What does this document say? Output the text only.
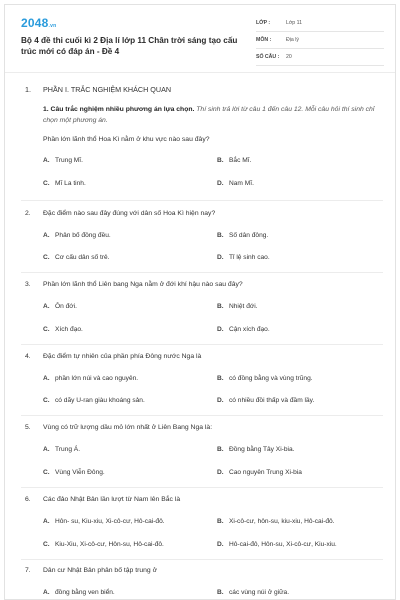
2048.vn
Bộ 4 đề thi cuối kì 2 Địa lí lớp 11 Chân trời sáng tạo cấu trúc mới có đáp án - Đề 4
LỚP :	Lớp 11
MÔN :	Địa lý
SỐ CÂU :	20
1.	PHẦN I. TRẮC NGHIỆM KHÁCH QUAN
1. Câu trắc nghiệm nhiều phương án lựa chọn. Thí sinh trả lời từ câu 1 đến câu 12. Mỗi câu hỏi thí sinh chỉ chọn một phương án.
Phần lớn lãnh thổ Hoa Kì nằm ở khu vực nào sau đây?
A. Trung Mĩ.	B. Bắc Mĩ.
C. Mĩ La tinh.	D. Nam Mĩ.
2.	Đặc điểm nào sau đây đúng với dân số Hoa Kì hiện nay?
A. Phân bố đồng đều.	B. Số dân đông.
C. Cơ cấu dân số trẻ.	D. Tỉ lệ sinh cao.
3.	Phần lớn lãnh thổ Liên bang Nga nằm ở đới khí hậu nào sau đây?
A. Ôn đới.	B. Nhiệt đới.
C. Xích đạo.	D. Cận xích đạo.
4.	Đặc điểm tự nhiên của phần phía Đông nước Nga là
A. phần lớn núi và cao nguyên.	B. có đồng bằng và vùng trũng.
C. có dãy U-ran giàu khoáng sản.	D. có nhiều đồi thấp và đầm lầy.
5.	Vùng có trữ lượng dầu mỏ lớn nhất ở Liên Bang Nga là:
A. Trung Á.	B. Đồng bằng Tây Xi-bia.
C. Vùng Viễn Đông.	D. Cao nguyên Trung Xi-bia
6.	Các đảo Nhật Bản lần lượt từ Nam lên Bắc là
A. Hôn- su, Kiu-xiu, Xi-cô-cư, Hô-cai-đô.	B. Xi-cô-cư, hôn-su, kiu-xiu, Hô-cai-đô.
C. Kiu-Xiu, Xi-cô-cư, Hôn-su, Hô-cai-đô.	D. Hô-cai-đô, Hôn-su, Xi-cô-cư, Kiu-xiu.
7.	Dân cư Nhật Bản phân bố tập trung ở
A. đồng bằng ven biển.	B. các vùng núi ở giữa.
